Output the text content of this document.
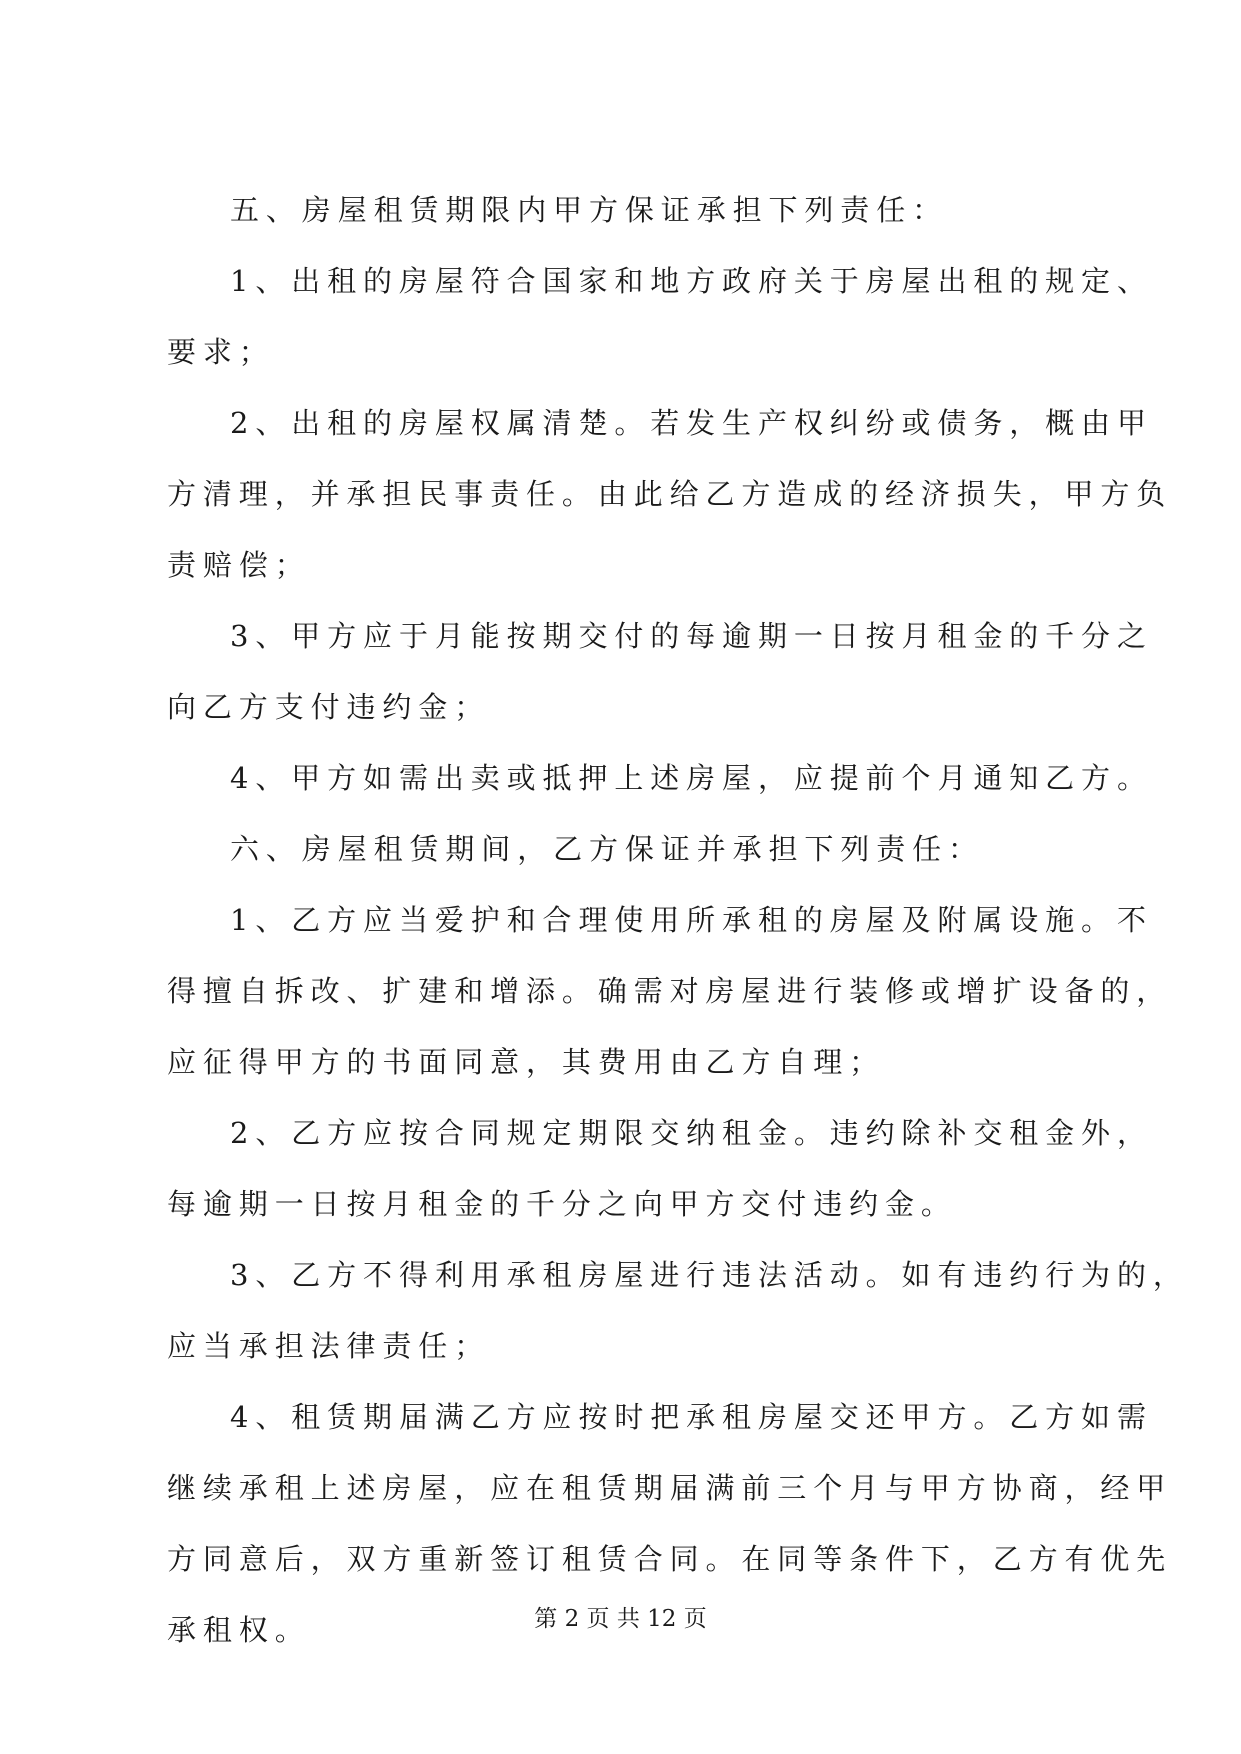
五、房屋租赁期限内甲方保证承担下列责任：
1、出租的房屋符合国家和地方政府关于房屋出租的规定、
要求；
2、出租的房屋权属清楚。若发生产权纠纷或债务，概由甲
方清理，并承担民事责任。由此给乙方造成的经济损失，甲方负
责赔偿；
3、甲方应于月能按期交付的每逾期一日按月租金的千分之
向乙方支付违约金；
4、甲方如需出卖或抵押上述房屋，应提前个月通知乙方。
六、房屋租赁期间，乙方保证并承担下列责任：
1、乙方应当爱护和合理使用所承租的房屋及附属设施。不
得擅自拆改、扩建和增添。确需对房屋进行装修或增扩设备的，
应征得甲方的书面同意，其费用由乙方自理；
2、乙方应按合同规定期限交纳租金。违约除补交租金外，
每逾期一日按月租金的千分之向甲方交付违约金。
3、乙方不得利用承租房屋进行违法活动。如有违约行为的，
应当承担法律责任；
4、租赁期届满乙方应按时把承租房屋交还甲方。乙方如需
继续承租上述房屋，应在租赁期届满前三个月与甲方协商，经甲
方同意后，双方重新签订租赁合同。在同等条件下，乙方有优先
承租权。	第 2 页 共 12 页
